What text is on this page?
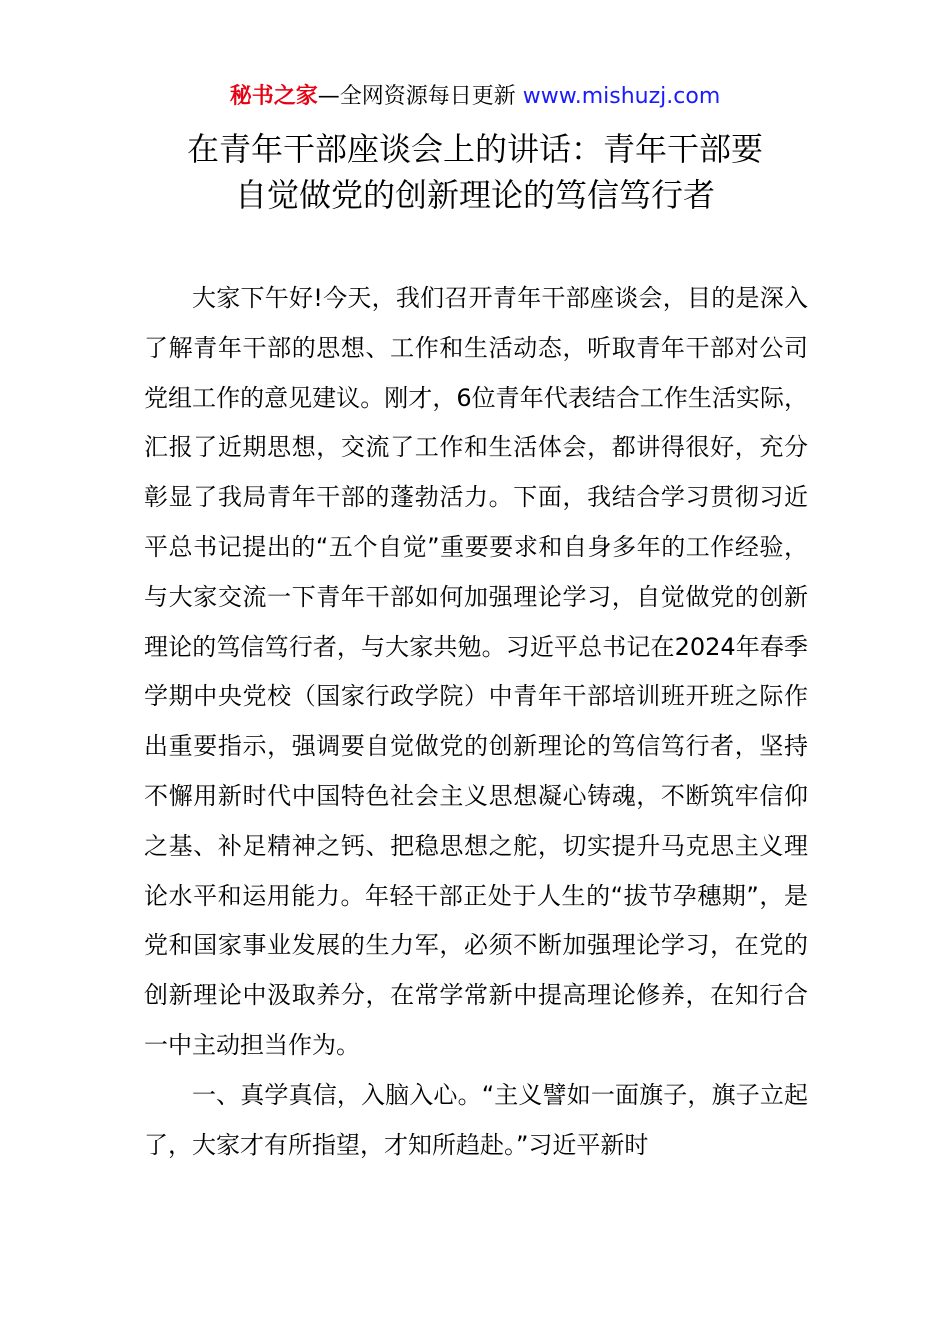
秘书之家—全网资源每日更新 www.mishuzj.com
在青年干部座谈会上的讲话：青年干部要
自觉做党的创新理论的笃信笃行者

大家下午好!今天，我们召开青年干部座谈会，目的是深入了解青年干部的思想、工作和生活动态，听取青年干部对公司党组工作的意见建议。刚才，6位青年代表结合工作生活实际，汇报了近期思想，交流了工作和生活体会，都讲得很好，充分彰显了我局青年干部的蓬勃活力。下面，我结合学习贯彻习近平总书记提出的“五个自觉”重要要求和自身多年的工作经验，与大家交流一下青年干部如何加强理论学习，自觉做党的创新理论的笃信笃行者，与大家共勉。习近平总书记在2024年春季学期中央党校（国家行政学院）中青年干部培训班开班之际作出重要指示，强调要自觉做党的创新理论的笃信笃行者，坚持不懈用新时代中国特色社会主义思想凝心铸魂，不断筑牢信仰之基、补足精神之钙、把稳思想之舵，切实提升马克思主义理论水平和运用能力。年轻干部正处于人生的“拔节孕穗期”，是党和国家事业发展的生力军，必须不断加强理论学习，在党的创新理论中汲取养分，在常学常新中提高理论修养，在知行合一中主动担当作为。

一、真学真信，入脑入心。“主义譬如一面旗子，旗子立起了，大家才有所指望，才知所趋赴。”习近平新时
